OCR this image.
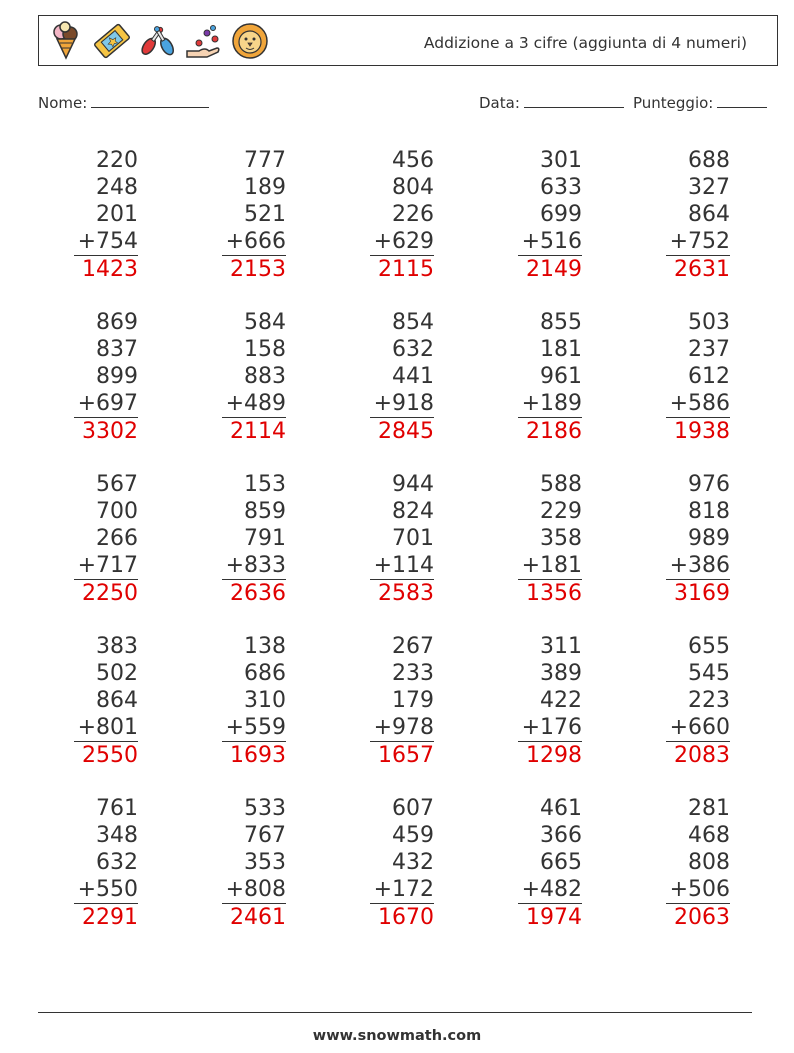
Addizione a 3 cifre (aggiunta di 4 numeri)
Nome:	Data:	Punteggio:
220
248
201
+754
1423
777
189
521
+666
2153
456
804
226
+629
2115
301
633
699
+516
2149
688
327
864
+752
2631
869
837
899
+697
3302
584
158
883
+489
2114
854
632
441
+918
2845
855
181
961
+189
2186
503
237
612
+586
1938
567
700
266
+717
2250
153
859
791
+833
2636
944
824
701
+114
2583
588
229
358
+181
1356
976
818
989
+386
3169
383
502
864
+801
2550
138
686
310
+559
1693
267
233
179
+978
1657
311
389
422
+176
1298
655
545
223
+660
2083
761
348
632
+550
2291
533
767
353
+808
2461
607
459
432
+172
1670
461
366
665
+482
1974
281
468
808
+506
2063
www.snowmath.com
